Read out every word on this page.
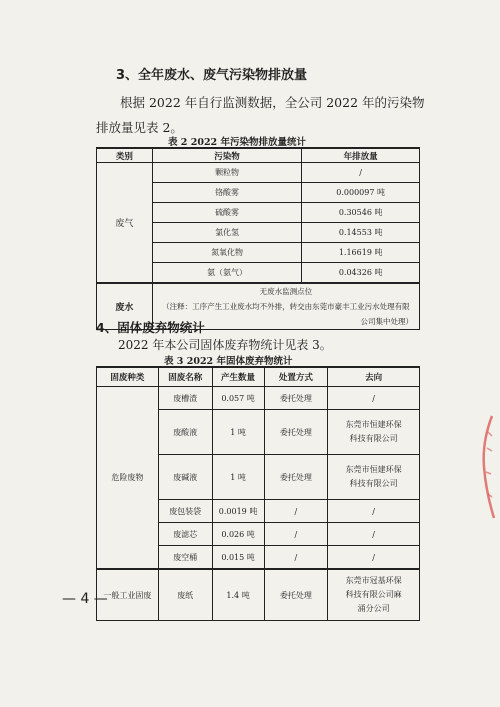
3、全年废水、废气污染物排放量
根据 2022 年自行监测数据，全公司 2022 年的污染物排放量见表 2。
表 2 2022 年污染物排放量统计
类别	污染物	年排放量
废气	颗粒物	/
	铬酸雾	0.000097 吨
	硫酸雾	0.30546 吨
	氯化氢	0.14553 吨
	氮氧化物	1.16619 吨
	氨（氨气）	0.04326 吨
废水	无废水监测点位
（注释：工序产生工业废水均不外排，转交由东莞市豪丰工业污水处理有限
公司集中处理）	
4、固体废弃物统计
2022 年本公司固体废弃物统计见表 3。
表 3 2022 年固体废弃物统计
固废种类	固废名称	产生数量	处置方式	去向
危险废物	废槽渣	0.057 吨	委托处理	/
	废酸液	1 吨	委托处理	东莞市恒建环保
科技有限公司
	废碱液	1 吨	委托处理	东莞市恒建环保
科技有限公司
	废包装袋	0.0019 吨	/	/
	废滤芯	0.026 吨	/	/
	废空桶	0.015 吨	/	/
一般工业固废	废纸	1.4 吨	委托处理	东莞市冠基环保
科技有限公司麻
涌分公司
— 4 —
